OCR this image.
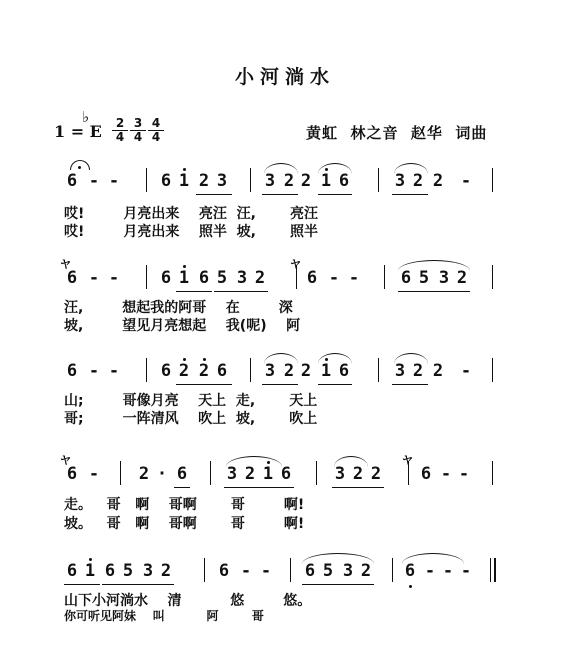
小河淌水
1 = E
♭	2
4
3
4
4
4	黄虹  林之音  赵华  词曲
6 - - 6 1 2 3 3 2 2 1 6	3 2 2 -
哎!        月亮出来    亮汪  汪,       亮汪
哎!        月亮出来    照半  坡,       照半
ヤ
6 - - 6 1 6 5 3 2
ヤ
6 - - 6 5 3 2
汪,        想起我的阿哥    在        深
坡,        望见月亮想起    我(呢)    阿
6 - - 6 2 2 6 3 2 2 1 6	3 2 2 -
山;        哥像月亮    天上  走,       天上
哥;        一阵清风    吹上  坡,       吹上
ヤ
6 - 2 · 6 3 2 1 6	3 2 2
ヤ
6 - -
走。   哥   啊    哥啊       哥        啊!
坡。   哥   啊    哥啊       哥        啊!
6 1 6 5 3 2	6 - - 6 5 3 2 6 - - -
山下小河淌水    清          悠        悠。
你可听见阿妹    叫          阿        哥
